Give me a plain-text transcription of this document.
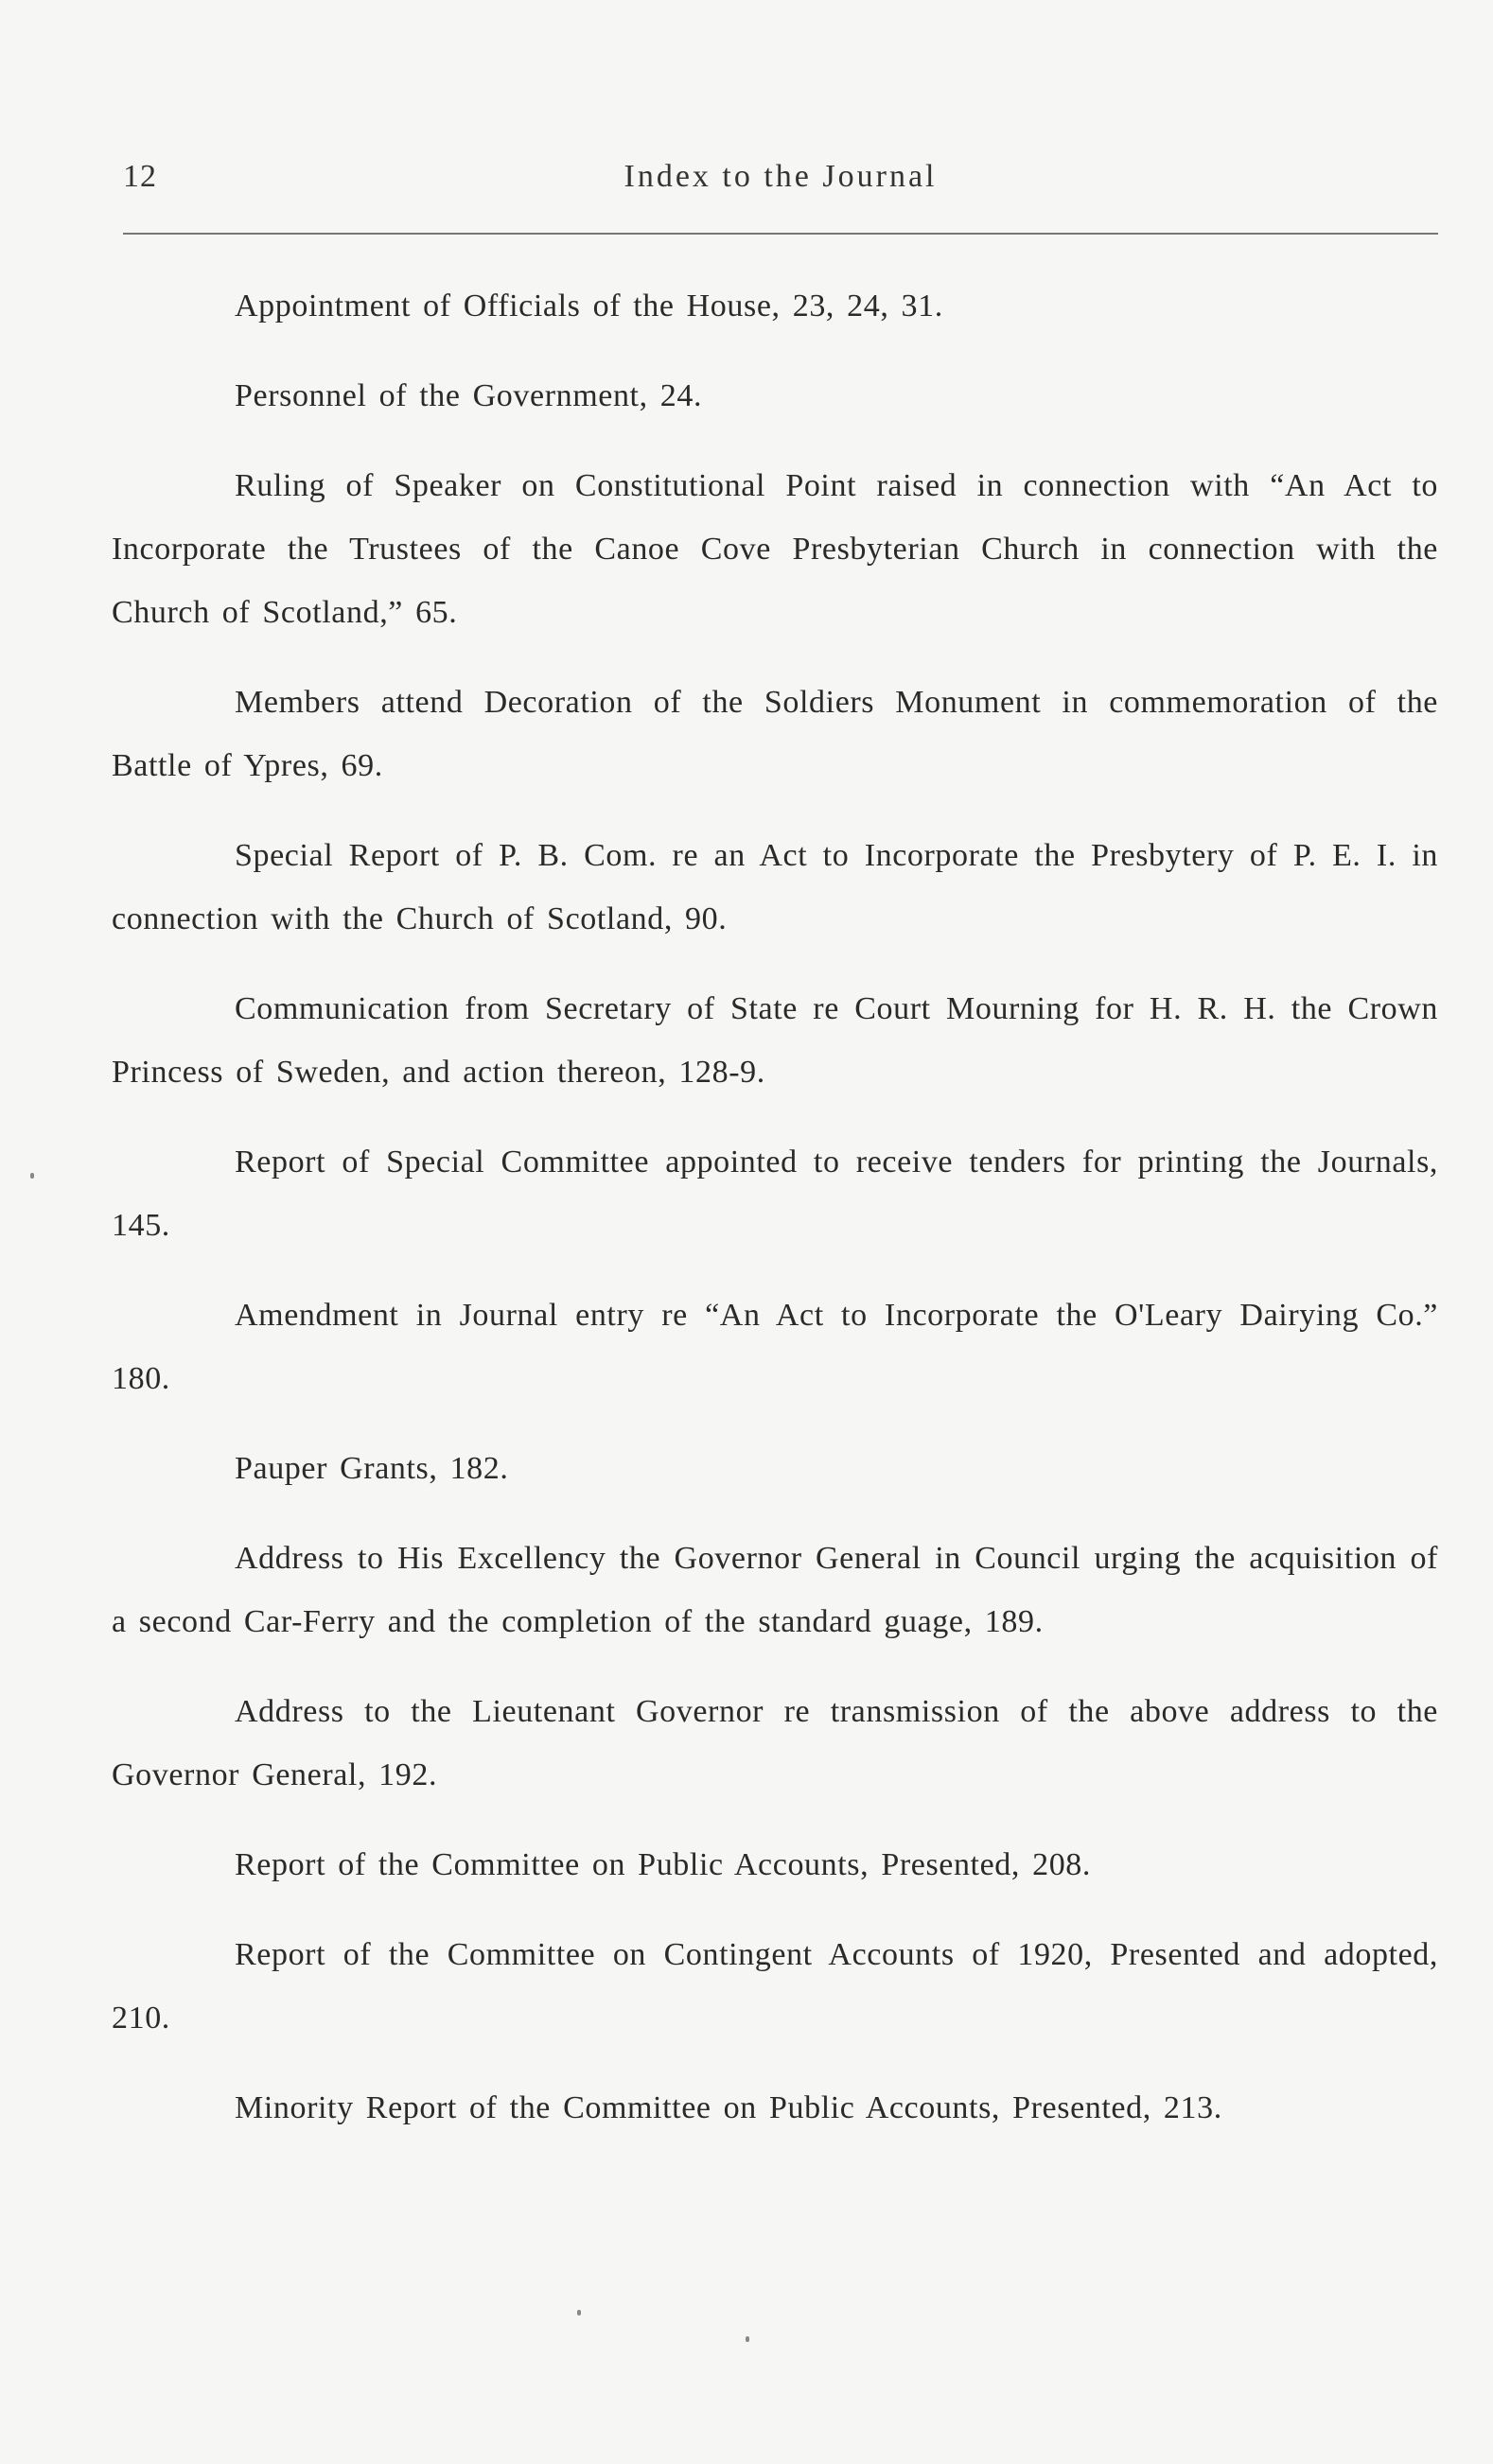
12	Index to the Journal

Appointment of Officials of the House, 23, 24, 31.

Personnel of the Government, 24.

Ruling of Speaker on Constitutional Point raised in connection with “An Act to Incorporate the Trustees of the Canoe Cove Presbyterian Church in connection with the Church of Scotland,” 65.

Members attend Decoration of the Soldiers Monument in commemoration of the Battle of Ypres, 69.

Special Report of P. B. Com. re an Act to Incorporate the Presbytery of P. E. I. in connection with the Church of Scotland, 90.

Communication from Secretary of State re Court Mourning for H. R. H. the Crown Princess of Sweden, and action thereon, 128-9.

Report of Special Committee appointed to receive tenders for printing the Journals, 145.

Amendment in Journal entry re “An Act to Incorporate the O'Leary Dairying Co.” 180.

Pauper Grants, 182.

Address to His Excellency the Governor General in Council urging the acquisition of a second Car-Ferry and the completion of the standard guage, 189.

Address to the Lieutenant Governor re transmission of the above address to the Governor General, 192.

Report of the Committee on Public Accounts, Presented, 208.

Report of the Committee on Contingent Accounts of 1920, Presented and adopted, 210.

Minority Report of the Committee on Public Accounts, Presented, 213.
